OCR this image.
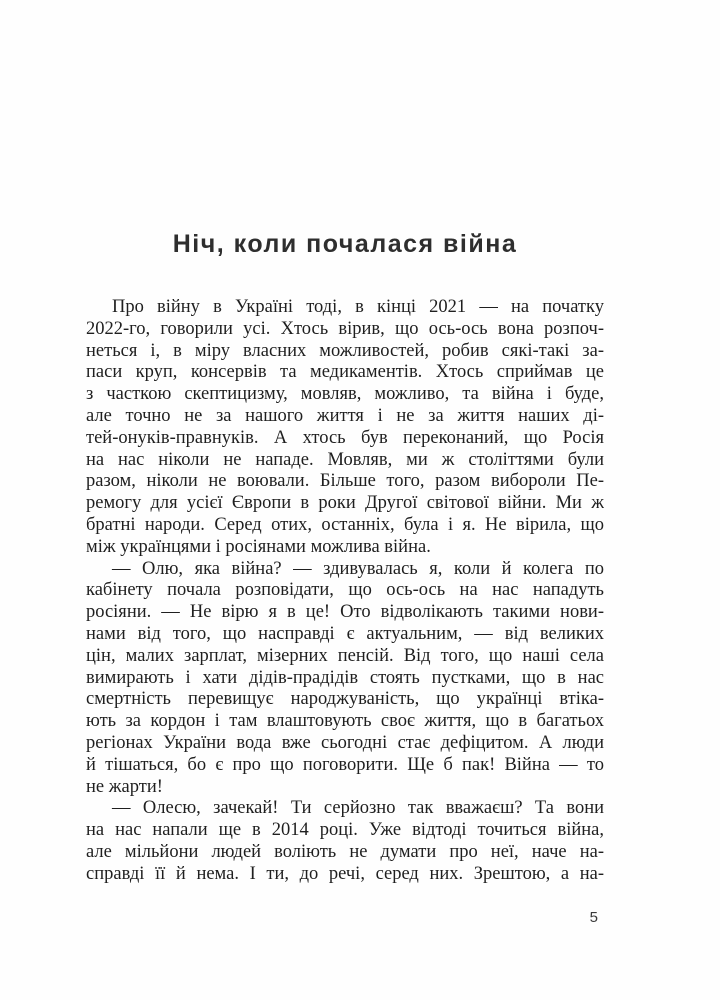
Ніч, коли почалася війна
Про війну в Україні тоді, в кінці 2021 — на початку
2022-го, говорили усі. Хтось вірив, що ось-ось вона розпоч-
неться і, в міру власних можливостей, робив сякі-такі за-
паси круп, консервів та медикаментів. Хтось сприймав це
з часткою скептицизму, мовляв, можливо, та війна і буде,
але точно не за нашого життя і не за життя наших ді-
тей-онуків-правнуків. А хтось був переконаний, що Росія
на нас ніколи не нападе. Мовляв, ми ж століттями були
разом, ніколи не воювали. Більше того, разом вибороли Пе-
ремогу для усієї Європи в роки Другої світової війни. Ми ж
братні народи. Серед отих, останніх, була і я. Не вірила, що
між українцями і росіянами можлива війна.
— Олю, яка війна? — здивувалась я, коли й колега по
кабінету почала розповідати, що ось-ось на нас нападуть
росіяни. — Не вірю я в це! Ото відволікають такими нови-
нами від того, що насправді є актуальним, — від великих
цін, малих зарплат, мізерних пенсій. Від того, що наші села
вимирають і хати дідів-прадідів стоять пустками, що в нас
смертність перевищує народжуваність, що українці втіка-
ють за кордон і там влаштовують своє життя, що в багатьох
регіонах України вода вже сьогодні стає дефіцитом. А люди
й тішаться, бо є про що поговорити. Ще б пак! Війна — то
не жарти!
— Олесю, зачекай! Ти серйозно так вважаєш? Та вони
на нас напали ще в 2014 році. Уже відтоді точиться війна,
але мільйони людей воліють не думати про неї, наче на-
справді її й нема. І ти, до речі, серед них. Зрештою, а на-
5
